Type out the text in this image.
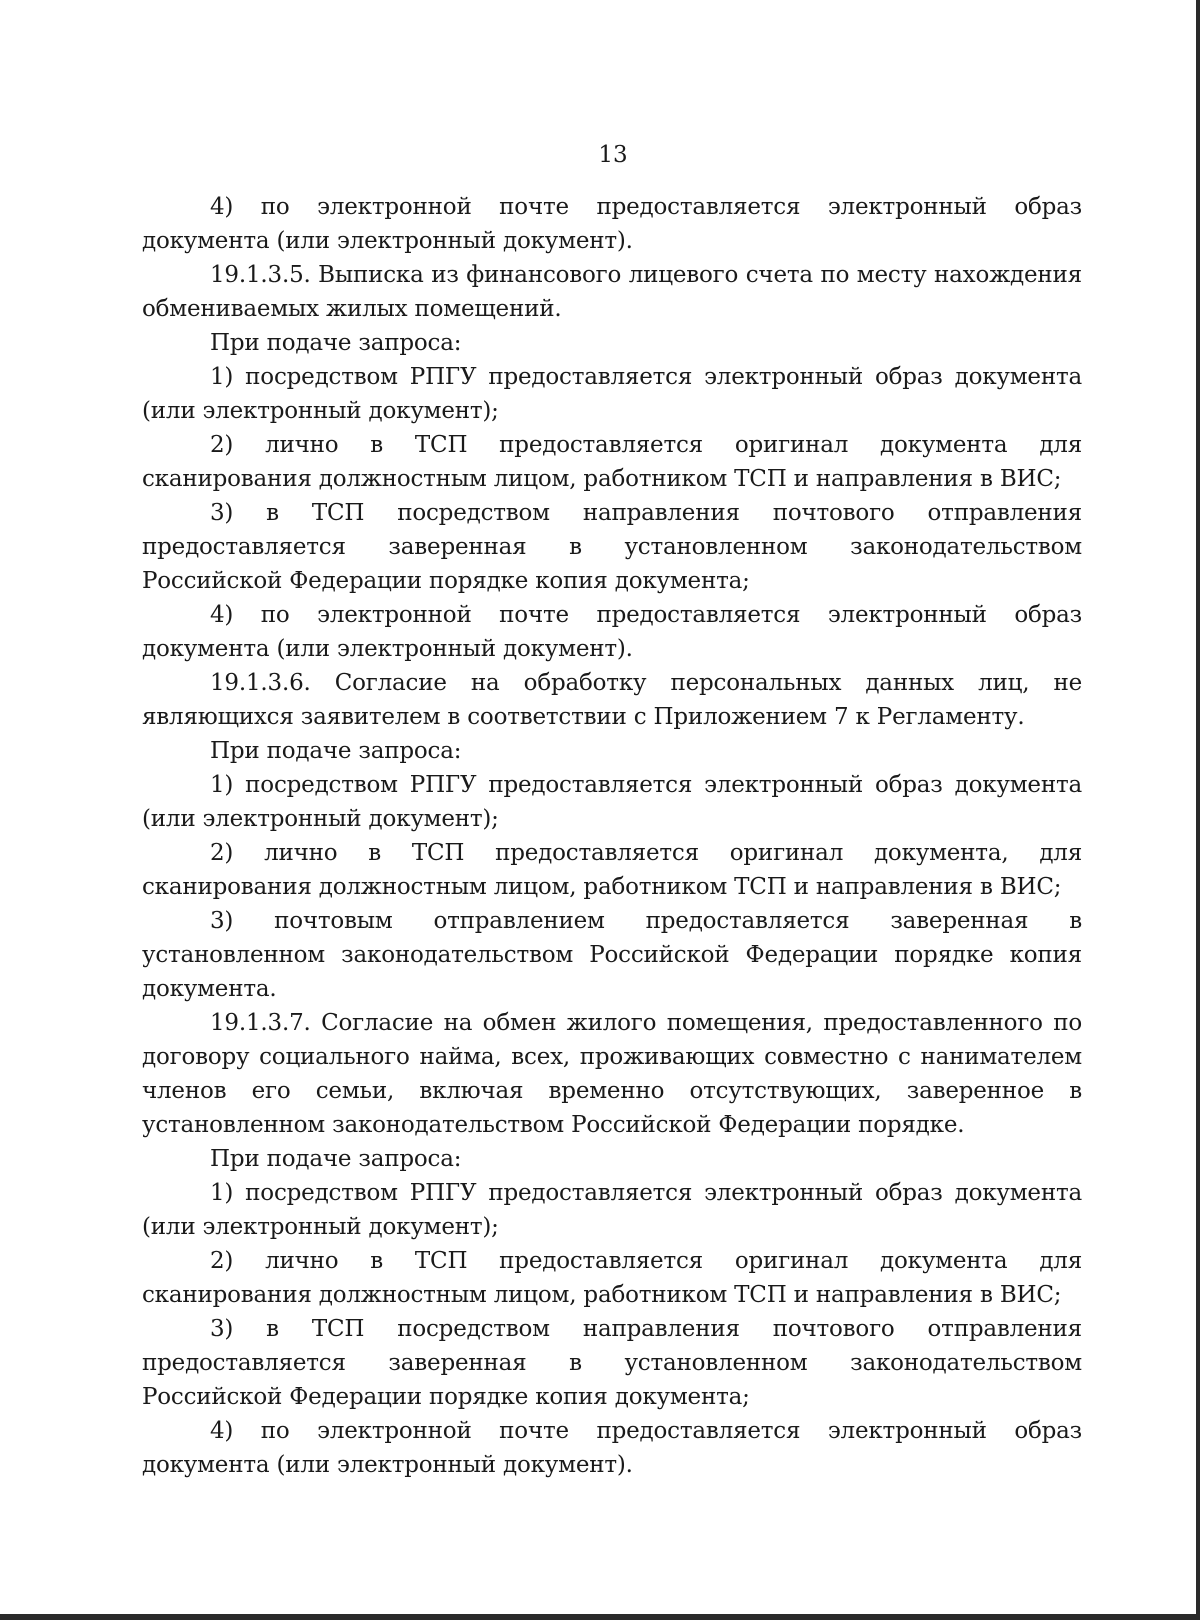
13

4) по электронной почте предоставляется электронный образ документа (или электронный документ).

19.1.3.5. Выписка из финансового лицевого счета по месту нахождения обмениваемых жилых помещений.

При подаче запроса:

1) посредством РПГУ предоставляется электронный образ документа (или электронный документ);

2) лично в ТСП предоставляется оригинал документа для сканирования должностным лицом, работником ТСП и направления в ВИС;

3) в ТСП посредством направления почтового отправления предоставляется заверенная в установленном законодательством Российской Федерации порядке копия документа;

4) по электронной почте предоставляется электронный образ документа (или электронный документ).

19.1.3.6. Согласие на обработку персональных данных лиц, не являющихся заявителем в соответствии с Приложением 7 к Регламенту.

При подаче запроса:

1) посредством РПГУ предоставляется электронный образ документа (или электронный документ);

2) лично в ТСП предоставляется оригинал документа, для сканирования должностным лицом, работником ТСП и направления в ВИС;

3) почтовым отправлением предоставляется заверенная в установленном законодательством Российской Федерации порядке копия документа.

19.1.3.7. Согласие на обмен жилого помещения, предоставленного по договору социального найма, всех, проживающих совместно с нанимателем членов его семьи, включая временно отсутствующих, заверенное в установленном законодательством Российской Федерации порядке.

При подаче запроса:

1) посредством РПГУ предоставляется электронный образ документа (или электронный документ);

2) лично в ТСП предоставляется оригинал документа для сканирования должностным лицом, работником ТСП и направления в ВИС;

3) в ТСП посредством направления почтового отправления предоставляется заверенная в установленном законодательством Российской Федерации порядке копия документа;

4) по электронной почте предоставляется электронный образ документа (или электронный документ).
